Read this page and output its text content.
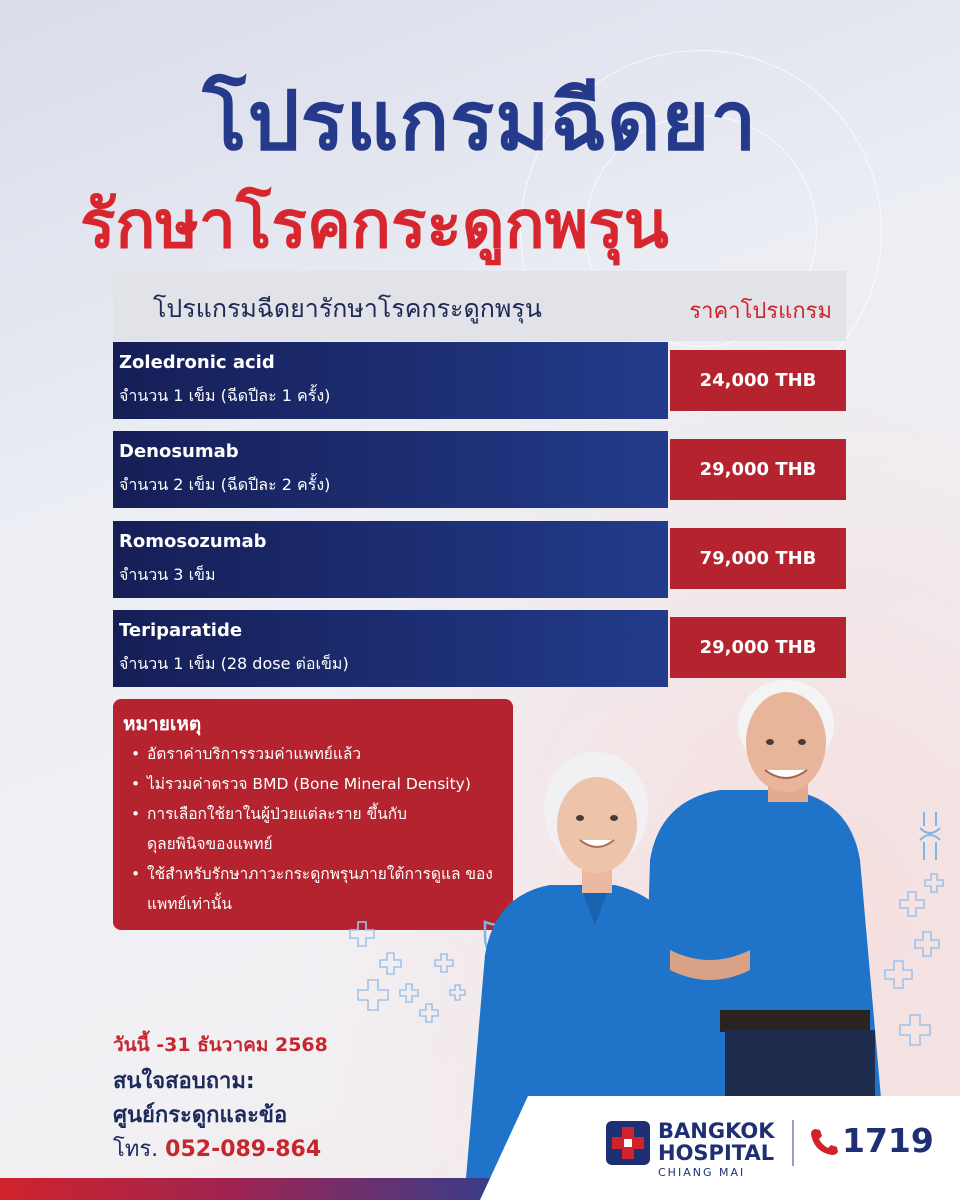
โปรแกรมฉีดยา
รักษาโรคกระดูกพรุน
โปรแกรมฉีดยารักษาโรคกระดูกพรุน	ราคาโปรแกรม
Zoledronic acid
จำนวน 1 เข็ม (ฉีดปีละ 1 ครั้ง)
24,000 THB
Denosumab
จำนวน 2 เข็ม (ฉีดปีละ 2 ครั้ง)
29,000 THB
Romosozumab
จำนวน 3 เข็ม
79,000 THB
Teriparatide
จำนวน 1 เข็ม (28 dose ต่อเข็ม)
29,000 THB
หมายเหตุ
• อัตราค่าบริการรวมค่าแพทย์แล้ว
• ไม่รวมค่าตรวจ BMD (Bone Mineral Density)
• การเลือกใช้ยาในผู้ป่วยแต่ละราย ขึ้นกับดุลยพินิจของแพทย์
• ใช้สำหรับรักษาภาวะกระดูกพรุนภายใต้การดูแล ของแพทย์เท่านั้น
วันนี้ -31 ธันวาคม 2568
สนใจสอบถาม:
ศูนย์กระดูกและข้อ
โทร. 052-089-864
BANGKOK
HOSPITAL
CHIANG MAI
1719
